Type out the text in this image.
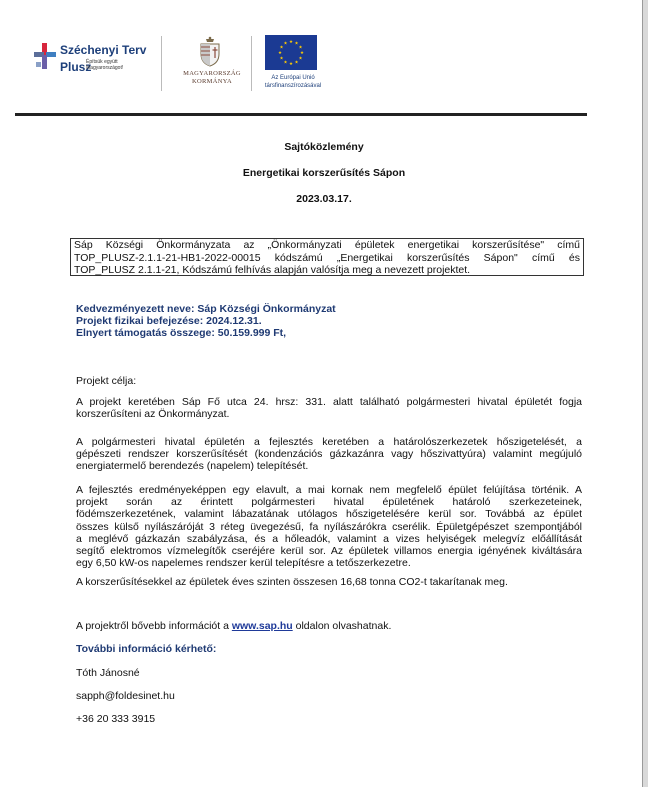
Széchenyi Terv
Plusz
Építsük együtt
Magyarországot!
MAGYARORSZÁG
KORMÁNYA
★
★
★
★
★
★
★
★
★ ★ ★
★
Az Európai Unió
társfinanszírozásával
Sajtóközlemény
Energetikai korszerűsítés Sápon
2023.03.17.
Sáp Községi Önkormányzata az „Önkormányzati épületek energetikai korszerűsítése" című
TOP_PLUSZ-2.1.1-21-HB1-2022-00015 kódszámú „Energetikai korszerűsítés Sápon" című és
TOP_PLUSZ 2.1.1-21, Kódszámú felhívás alapján valósítja meg a nevezett projektet.
Kedvezményezett neve: Sáp Községi Önkormányzat
Projekt fizikai befejezése: 2024.12.31.
Elnyert támogatás összege: 50.159.999 Ft,
Projekt célja:
A projekt keretében Sáp Fő utca 24. hrsz: 331. alatt található polgármesteri hivatal épületét fogja
korszerűsíteni az Önkormányzat.
A polgármesteri hivatal épületén a fejlesztés keretében a határolószerkezetek hőszigetelését, a
gépészeti rendszer korszerűsítését (kondenzációs gázkazánra vagy hőszivattyúra) valamint megújuló
energiatermelő berendezés (napelem) telepítését.
A fejlesztés eredményeképpen egy elavult, a mai kornak nem megfelelő épület felújítása történik. A
projekt során az érintett polgármesteri hivatal épületének határoló szerkezeteinek,
födémszerkezetének, valamint lábazatának utólagos hőszigetelésére kerül sor. Továbbá az épület
összes külső nyílászáróját 3 réteg üvegezésű, fa nyílászárókra cserélik. Épületgépészet szempontjából
a meglévő gázkazán szabályzása, és a hőleadók, valamint a vizes helyiségek melegvíz előállítását
segítő elektromos vízmelegítők cseréjére kerül sor. Az épületek villamos energia igényének kiváltására
egy 6,50 kW-os napelemes rendszer kerül telepítésre a tetőszerkezetre.
A korszerűsítésekkel az épületek éves szinten összesen 16,68 tonna CO2-t takarítanak meg.
A projektről bővebb információt a www.sap.hu oldalon olvashatnak.
További információ kérhető:
Tóth Jánosné
sapph@foldesinet.hu
+36 20 333 3915
